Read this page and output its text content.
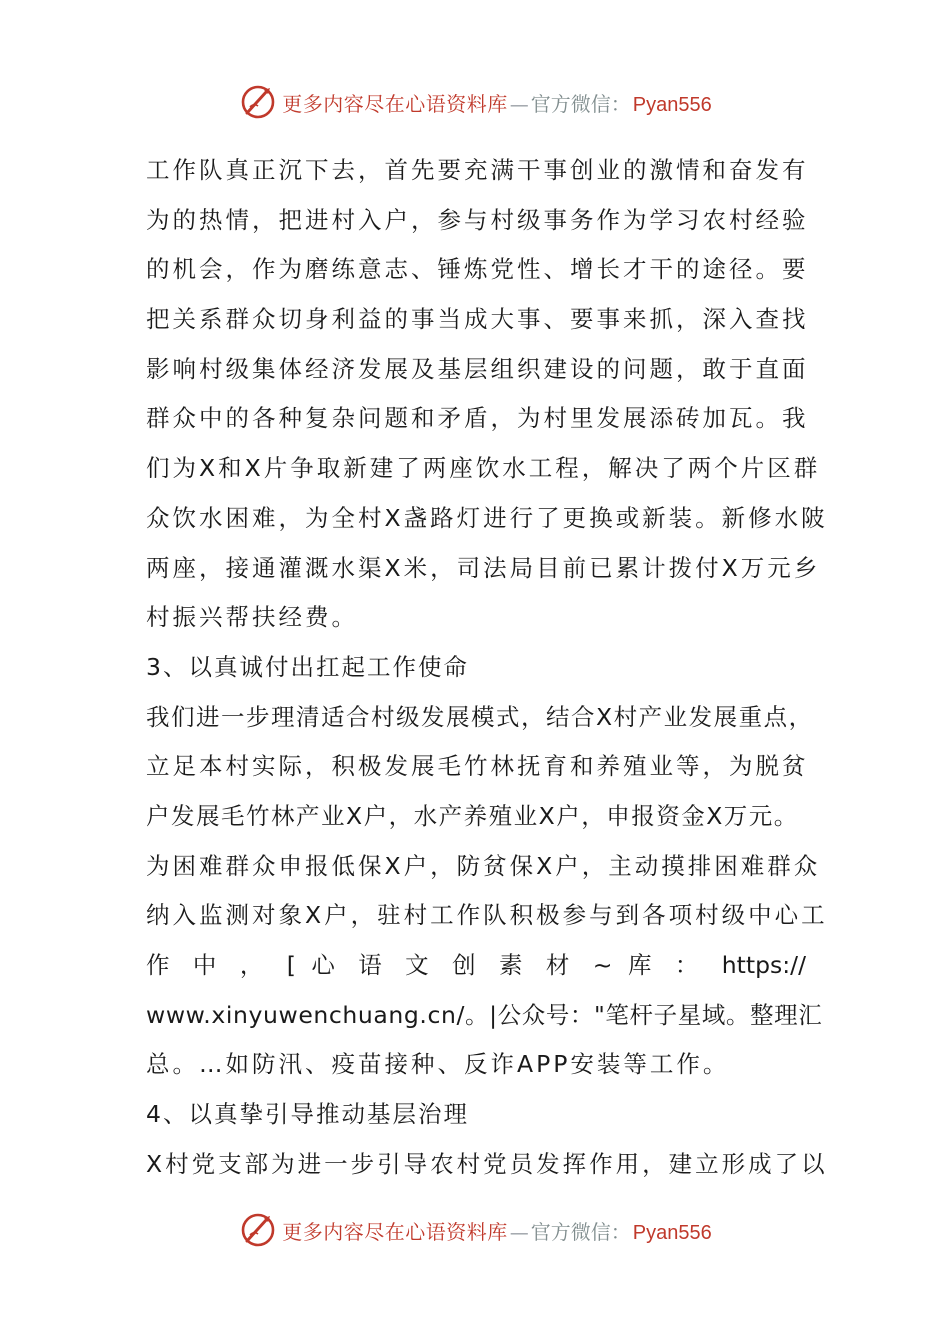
更多内容尽在心语资料库 — 官方微信： Pyan556
工作队真正沉下去，首先要充满干事创业的激情和奋发有
为的热情，把进村入户，参与村级事务作为学习农村经验
的机会，作为磨练意志、锤炼党性、增长才干的途径。要
把关系群众切身利益的事当成大事、要事来抓，深入查找
影响村级集体经济发展及基层组织建设的问题，敢于直面
群众中的各种复杂问题和矛盾，为村里发展添砖加瓦。我
们为X和X片争取新建了两座饮水工程，解决了两个片区群
众饮水困难，为全村X盏路灯进行了更换或新装。新修水陂
两座，接通灌溉水渠X米，司法局目前已累计拨付X万元乡
村振兴帮扶经费。
3、以真诚付出扛起工作使命
我们进一步理清适合村级发展模式，结合X村产业发展重点，
立足本村实际，积极发展毛竹林抚育和养殖业等，为脱贫
户发展毛竹林产业X户，水产养殖业X户，申报资金X万元。
为困难群众申报低保X户，防贫保X户，主动摸排困难群众
纳入监测对象X户，驻村工作队积极参与到各项村级中心工
作 中 ， [ 心 语 文 创 素 材 ~ 库 ： https://
www.xinyuwenchuang.cn/。|公众号："笔杆子星域。整理汇
总。…如防汛、疫苗接种、反诈APP安装等工作。
4、以真挚引导推动基层治理
X村党支部为进一步引导农村党员发挥作用，建立形成了以
更多内容尽在心语资料库 — 官方微信： Pyan556
